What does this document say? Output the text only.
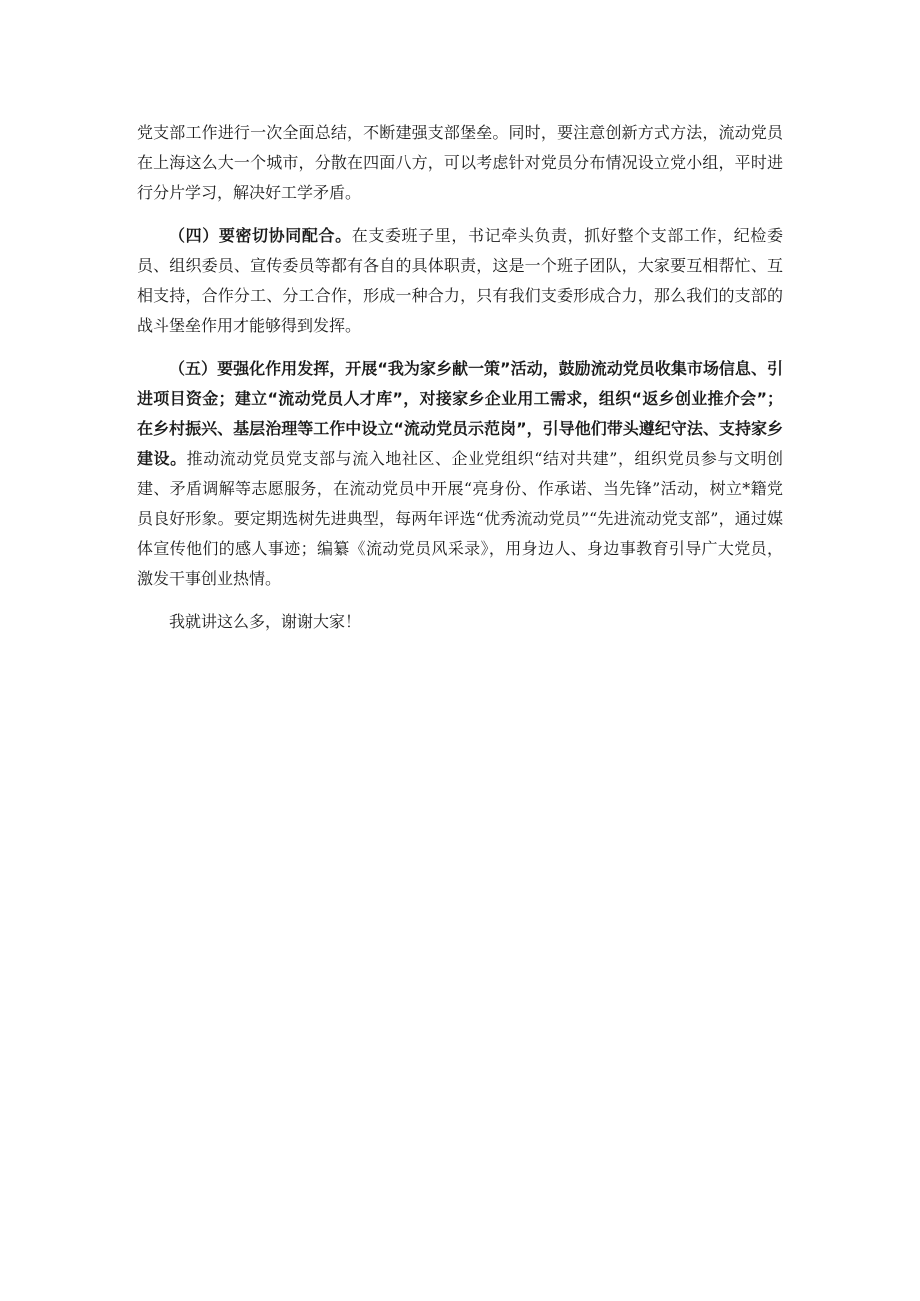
党支部工作进行一次全面总结，不断建强支部堡垒。同时，要注意创新方式方法，流动党员在上海这么大一个城市，分散在四面八方，可以考虑针对党员分布情况设立党小组，平时进行分片学习，解决好工学矛盾。

（四）要密切协同配合。在支委班子里，书记牵头负责，抓好整个支部工作，纪检委员、组织委员、宣传委员等都有各自的具体职责，这是一个班子团队，大家要互相帮忙、互相支持，合作分工、分工合作，形成一种合力，只有我们支委形成合力，那么我们的支部的战斗堡垒作用才能够得到发挥。

（五）要强化作用发挥，开展“我为家乡献一策”活动，鼓励流动党员收集市场信息、引进项目资金；建立“流动党员人才库”，对接家乡企业用工需求，组织“返乡创业推介会”；在乡村振兴、基层治理等工作中设立“流动党员示范岗”，引导他们带头遵纪守法、支持家乡建设。推动流动党员党支部与流入地社区、企业党组织“结对共建”，组织党员参与文明创建、矛盾调解等志愿服务，在流动党员中开展“亮身份、作承诺、当先锋”活动，树立*籍党员良好形象。要定期选树先进典型，每两年评选“优秀流动党员”“先进流动党支部”，通过媒体宣传他们的感人事迹；编纂《流动党员风采录》，用身边人、身边事教育引导广大党员，激发干事创业热情。

我就讲这么多，谢谢大家！
